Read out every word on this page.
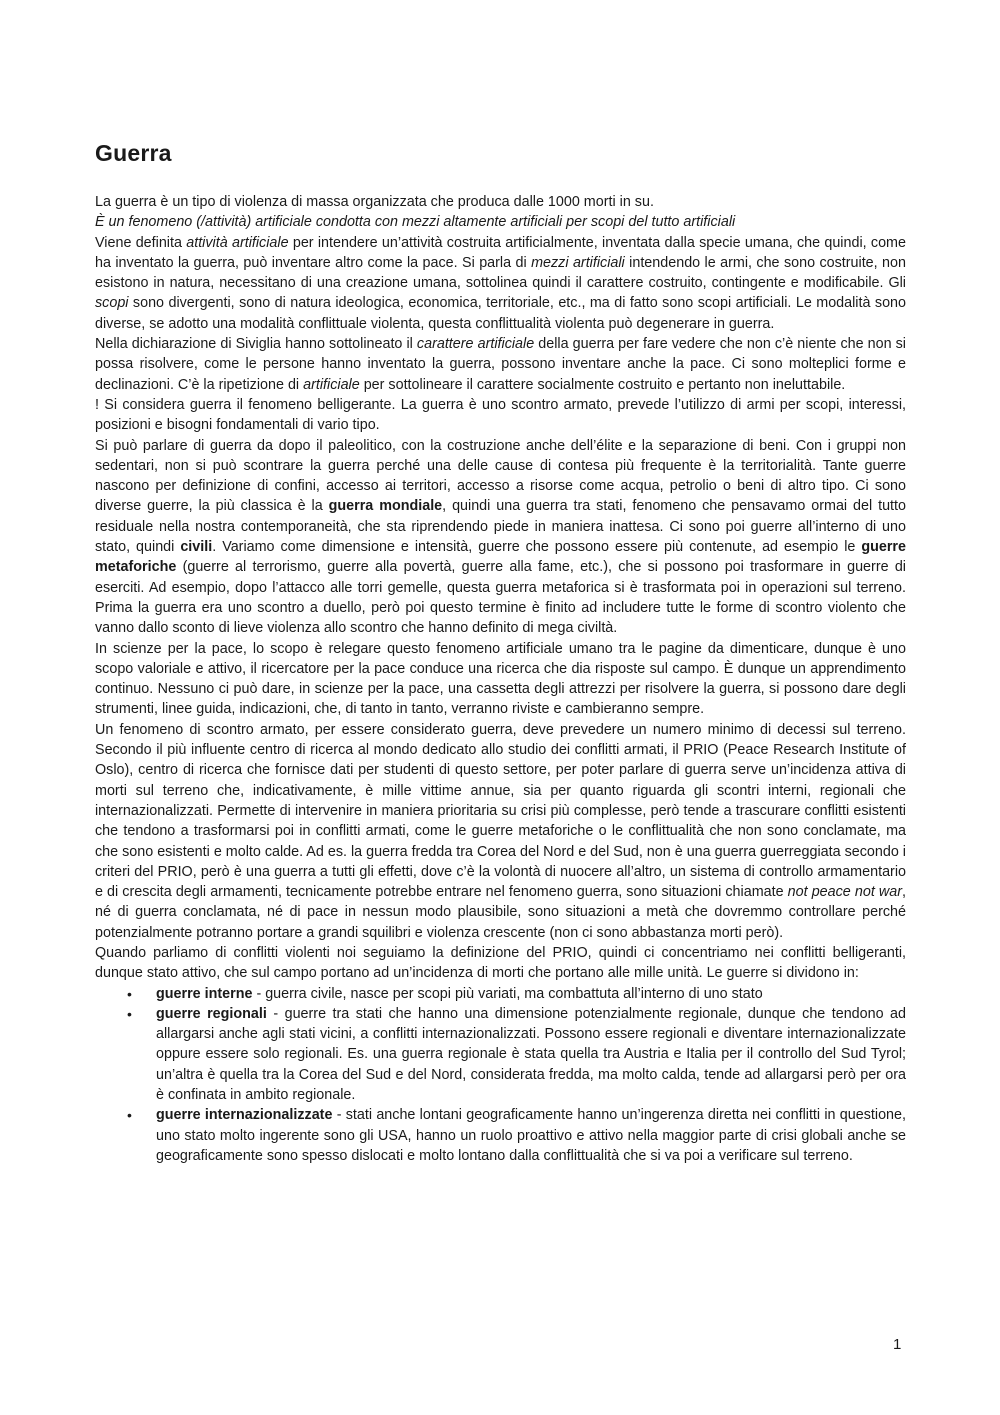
Guerra

La guerra è un tipo di violenza di massa organizzata che produca dalle 1000 morti in su.

È un fenomeno (/attività) artificiale condotta con mezzi altamente artificiali per scopi del tutto artificiali

Viene definita attività artificiale per intendere un’attività costruita artificialmente, inventata dalla specie umana, che quindi, come ha inventato la guerra, può inventare altro come la pace. Si parla di mezzi artificiali intendendo le armi, che sono costruite, non esistono in natura, necessitano di una creazione umana, sottolinea quindi il carattere costruito, contingente e modificabile. Gli scopi sono divergenti, sono di natura ideologica, economica, territoriale, etc., ma di fatto sono scopi artificiali. Le modalità sono diverse, se adotto una modalità conflittuale violenta, questa conflittualità violenta può degenerare in guerra.

Nella dichiarazione di Siviglia hanno sottolineato il carattere artificiale della guerra per fare vedere che non c’è niente che non si possa risolvere, come le persone hanno inventato la guerra, possono inventare anche la pace. Ci sono molteplici forme e declinazioni. C’è la ripetizione di artificiale per sottolineare il carattere socialmente costruito e pertanto non ineluttabile.

! Si considera guerra il fenomeno belligerante. La guerra è uno scontro armato, prevede l’utilizzo di armi per scopi, interessi, posizioni e bisogni fondamentali di vario tipo.

Si può parlare di guerra da dopo il paleolitico, con la costruzione anche dell’élite e la separazione di beni. Con i gruppi non sedentari, non si può scontrare la guerra perché una delle cause di contesa più frequente è la territorialità. Tante guerre nascono per definizione di confini, accesso ai territori, accesso a risorse come acqua, petrolio o beni di altro tipo. Ci sono diverse guerre, la più classica è la guerra mondiale, quindi una guerra tra stati, fenomeno che pensavamo ormai del tutto residuale nella nostra contemporaneità, che sta riprendendo piede in maniera inattesa. Ci sono poi guerre all’interno di uno stato, quindi civili. Variamo come dimensione e intensità, guerre che possono essere più contenute, ad esempio le guerre metaforiche (guerre al terrorismo, guerre alla povertà, guerre alla fame, etc.), che si possono poi trasformare in guerre di eserciti. Ad esempio, dopo l’attacco alle torri gemelle, questa guerra metaforica si è trasformata poi in operazioni sul terreno. Prima la guerra era uno scontro a duello, però poi questo termine è finito ad includere tutte le forme di scontro violento che vanno dallo sconto di lieve violenza allo scontro che hanno definito di mega civiltà.

In scienze per la pace, lo scopo è relegare questo fenomeno artificiale umano tra le pagine da dimenticare, dunque è uno scopo valoriale e attivo, il ricercatore per la pace conduce una ricerca che dia risposte sul campo. È dunque un apprendimento continuo. Nessuno ci può dare, in scienze per la pace, una cassetta degli attrezzi per risolvere la guerra, si possono dare degli strumenti, linee guida, indicazioni, che, di tanto in tanto, verranno riviste e cambieranno sempre.

Un fenomeno di scontro armato, per essere considerato guerra, deve prevedere un numero minimo di decessi sul terreno. Secondo il più influente centro di ricerca al mondo dedicato allo studio dei conflitti armati, il PRIO (Peace Research Institute of Oslo), centro di ricerca che fornisce dati per studenti di questo settore, per poter parlare di guerra serve un’incidenza attiva di morti sul terreno che, indicativamente, è mille vittime annue, sia per quanto riguarda gli scontri interni, regionali che internazionalizzati. Permette di intervenire in maniera prioritaria su crisi più complesse, però tende a trascurare conflitti esistenti che tendono a trasformarsi poi in conflitti armati, come le guerre metaforiche o le conflittualità che non sono conclamate, ma che sono esistenti e molto calde. Ad es. la guerra fredda tra Corea del Nord e del Sud, non è una guerra guerreggiata secondo i criteri del PRIO, però è una guerra a tutti gli effetti, dove c’è la volontà di nuocere all’altro, un sistema di controllo armamentario e di crescita degli armamenti, tecnicamente potrebbe entrare nel fenomeno guerra, sono situazioni chiamate not peace not war, né di guerra conclamata, né di pace in nessun modo plausibile, sono situazioni a metà che dovremmo controllare perché potenzialmente potranno portare a grandi squilibri e violenza crescente (non ci sono abbastanza morti però).

Quando parliamo di conflitti violenti noi seguiamo la definizione del PRIO, quindi ci concentriamo nei conflitti belligeranti, dunque stato attivo, che sul campo portano ad un’incidenza di morti che portano alle mille unità. Le guerre si dividono in:

• guerre interne - guerra civile, nasce per scopi più variati, ma combattuta all’interno di uno stato
• guerre regionali - guerre tra stati che hanno una dimensione potenzialmente regionale, dunque che tendono ad allargarsi anche agli stati vicini, a conflitti internazionalizzati. Possono essere regionali e diventare internazionalizzate oppure essere solo regionali. Es. una guerra regionale è stata quella tra Austria e Italia per il controllo del Sud Tyrol; un’altra è quella tra la Corea del Sud e del Nord, considerata fredda, ma molto calda, tende ad allargarsi però per ora è confinata in ambito regionale.
• guerre internazionalizzate - stati anche lontani geograficamente hanno un’ingerenza diretta nei conflitti in questione, uno stato molto ingerente sono gli USA, hanno un ruolo proattivo e attivo nella maggior parte di crisi globali anche se geograficamente sono spesso dislocati e molto lontano dalla conflittualità che si va poi a verificare sul terreno.
1
